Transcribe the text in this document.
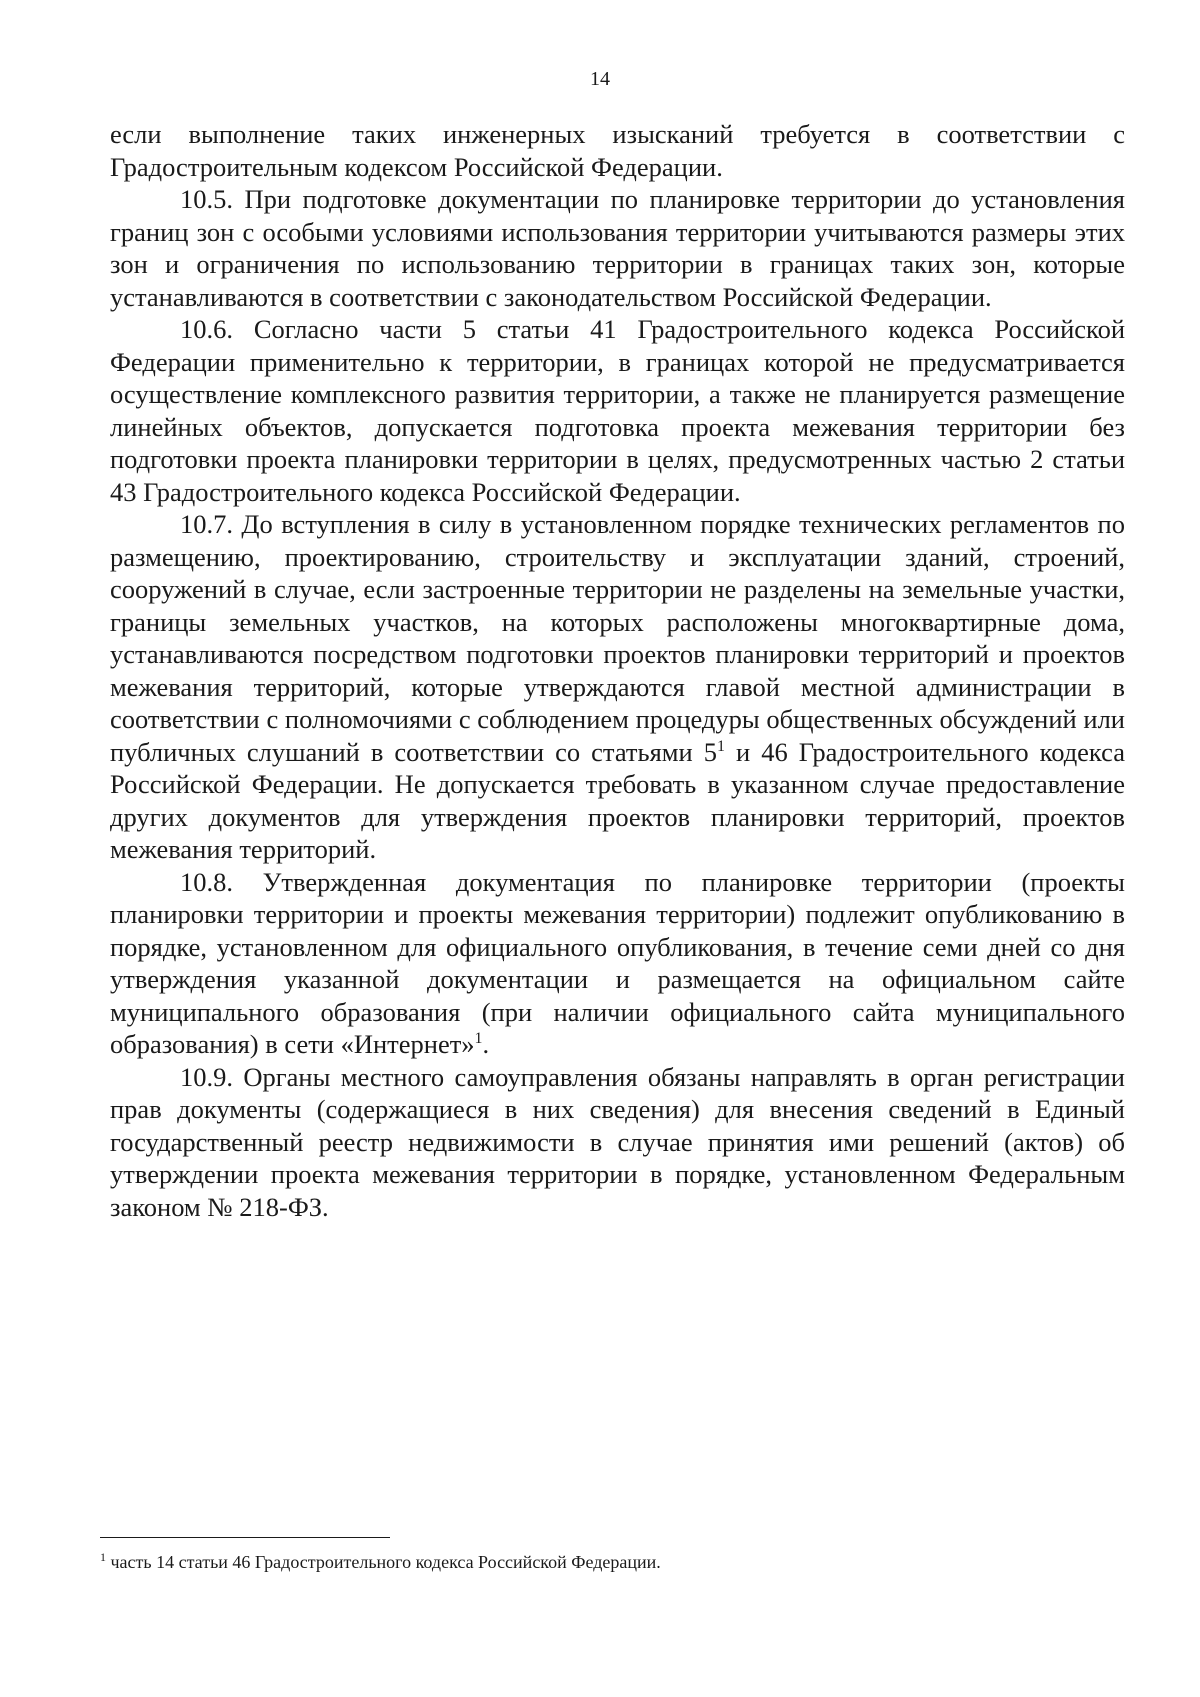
14

если выполнение таких инженерных изысканий требуется в соответствии с Градостроительным кодексом Российской Федерации.

10.5. При подготовке документации по планировке территории до установления границ зон с особыми условиями использования территории учитываются размеры этих зон и ограничения по использованию территории в границах таких зон, которые устанавливаются в соответствии с законодательством Российской Федерации.

10.6. Согласно части 5 статьи 41 Градостроительного кодекса Российской Федерации применительно к территории, в границах которой не предусматривается осуществление комплексного развития территории, а также не планируется размещение линейных объектов, допускается подготовка проекта межевания территории без подготовки проекта планировки территории в целях, предусмотренных частью 2 статьи 43 Градостроительного кодекса Российской Федерации.

10.7. До вступления в силу в установленном порядке технических регламентов по размещению, проектированию, строительству и эксплуатации зданий, строений, сооружений в случае, если застроенные территории не разделены на земельные участки, границы земельных участков, на которых расположены многоквартирные дома, устанавливаются посредством подготовки проектов планировки территорий и проектов межевания территорий, которые утверждаются главой местной администрации в соответствии с полномочиями с соблюдением процедуры общественных обсуждений или публичных слушаний в соответствии со статьями $5^1$ и 46 Градостроительного кодекса Российской Федерации. Не допускается требовать в указанном случае предоставление других документов для утверждения проектов планировки территорий, проектов межевания территорий.

10.8. Утвержденная документация по планировке территории (проекты планировки территории и проекты межевания территории) подлежит опубликованию в порядке, установленном для официального опубликования, в течение семи дней со дня утверждения указанной документации и размещается на официальном сайте муниципального образования (при наличии официального сайта муниципального образования) в сети «Интернет»$^1$.

10.9. Органы местного самоуправления обязаны направлять в орган регистрации прав документы (содержащиеся в них сведения) для внесения сведений в Единый государственный реестр недвижимости в случае принятия ими решений (актов) об утверждении проекта межевания территории в порядке, установленном Федеральным законом № 218-ФЗ.

$^1$ часть 14 статьи 46 Градостроительного кодекса Российской Федерации.
